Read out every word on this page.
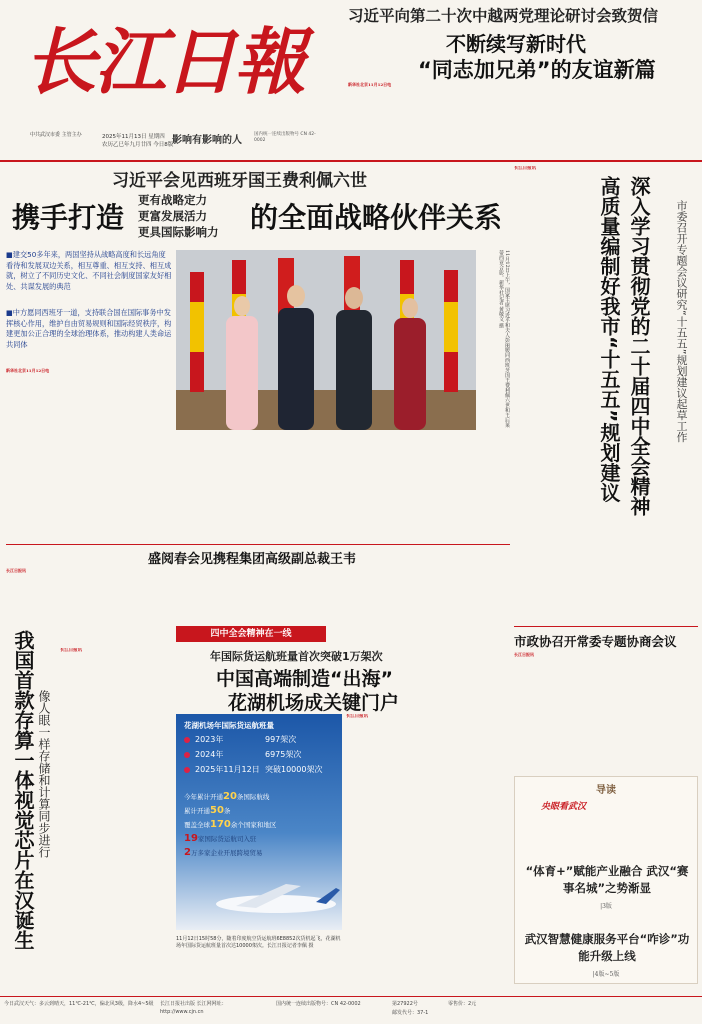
长江日報
中共武汉市委 主管主办	2025年11月13日 星期四
农历乙巳年九月廿四 今日8版
影响有影响的人
国内统一连续出版物号 CN 42-0002
习近平向第二十次中越两党理论研讨会致贺信
不断续写新时代
“同志加兄弟”的友谊新篇
新华社北京11月12日电
习近平会见西班牙国王费利佩六世
携手打造
更有战略定力
更富发展活力
更具国际影响力 的全面战略伙伴关系
■建交50多年来，两国坚持从战略高度和长远角度看待和发展双边关系，相互尊重、相互支持、相互成就，树立了不同历史文化、不同社会制度国家友好相处、共谋发展的典范
■中方愿同西班牙一道，支持联合国在国际事务中发挥核心作用，维护自由贸易规则和国际经贸秩序，构建更加公正合理的全球治理体系，推动构建人类命运共同体
新华社北京11月12日电	11月12日上午，国家主席习近平和夫人彭丽媛同西班牙国王费利佩六世和王后莱蒂西亚合影。新华社记者 黄敬文 摄
长江日报讯
深入学习贯彻党的二十届四中全会精神
高质量编制好我市“十五五”规划建议	市委召开专题会议研究“十五五”规划建议起草工作
盛阅春会见携程集团高级副总裁王韦
长江日报讯
四中全会精神在一线
我国首款存算一体视觉芯片在汉诞生 像人眼一样存储和计算同步进行
长江日报讯	年国际货运航班量首次突破1万架次
中国高端制造“出海”
花湖机场成关键门户
花湖机场年国际货运航班量
2023年	997架次
2024年	6975架次
2025年11月12日 突破10000架次
今年累计开通20条国际航线
累计开通50条
覆盖全球170余个国家和地区
19家国际货运航司入驻
2万多家企业开展跨境贸易
11月12日15时58分，随着印度航空货运航班6E8852次货机起飞，花湖机场年国际货运航班量首次达10000架次。长江日报记者李佩 摄
长江日报讯
市政协召开常委专题协商会议
长江日报讯
导读
央眼看武汉
“体育+”赋能产业融合 武汉“赛事名城”之势渐显
|3版
武汉智慧健康服务平台“咋诊”功能升级上线
|4版~5版
今日武汉天气：多云到晴天，11℃-21℃，偏北风3级，降水4~5级 长江日报社出版 长江网网址：http://www.cjn.cn
国内统一连续出版物号：CN 42-0002	第27922号
邮发代号：37-1
零售价：2元
